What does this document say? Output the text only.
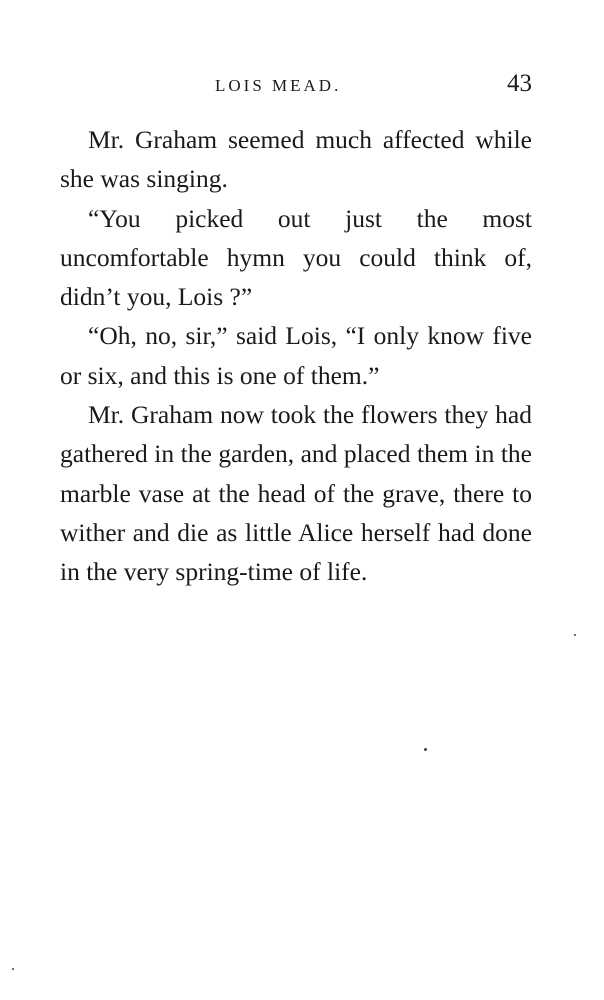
LOIS MEAD.	43

Mr. Graham seemed much affected while she was singing.

“You picked out just the most uncomfortable hymn you could think of, didn’t you, Lois ?”

“Oh, no, sir,” said Lois, “I only know five or six, and this is one of them.”

Mr. Graham now took the flowers they had gathered in the garden, and placed them in the marble vase at the head of the grave, there to wither and die as little Alice herself had done in the very spring-time of life.
